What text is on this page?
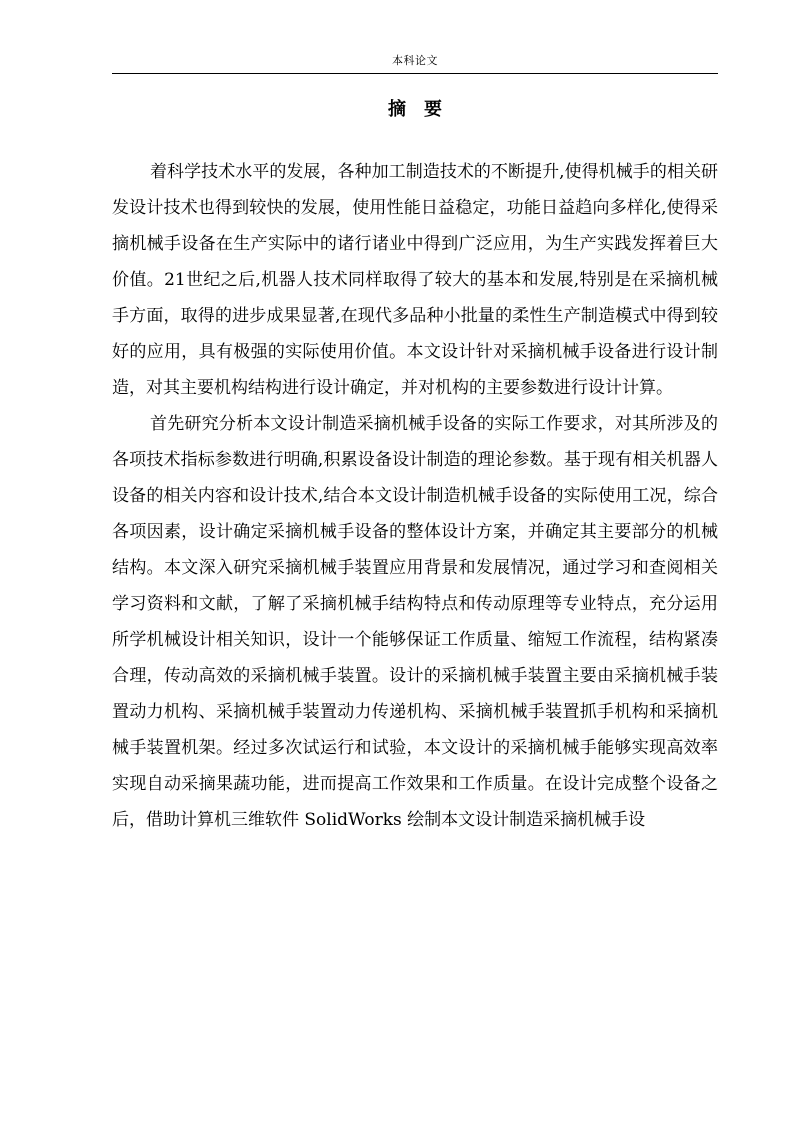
本科论文
摘　要

着科学技术水平的发展，各种加工制造技术的不断提升,使得机械手的相关研发设计技术也得到较快的发展，使用性能日益稳定，功能日益趋向多样化,使得采摘机械手设备在生产实际中的诸行诸业中得到广泛应用，为生产实践发挥着巨大价值。21世纪之后,机器人技术同样取得了较大的基本和发展,特别是在采摘机械手方面，取得的进步成果显著,在现代多品种小批量的柔性生产制造模式中得到较好的应用，具有极强的实际使用价值。本文设计针对采摘机械手设备进行设计制造，对其主要机构结构进行设计确定，并对机构的主要参数进行设计计算。

首先研究分析本文设计制造采摘机械手设备的实际工作要求，对其所涉及的各项技术指标参数进行明确,积累设备设计制造的理论参数。基于现有相关机器人设备的相关内容和设计技术,结合本文设计制造机械手设备的实际使用工况，综合各项因素，设计确定采摘机械手设备的整体设计方案，并确定其主要部分的机械结构。本文深入研究采摘机械手装置应用背景和发展情况，通过学习和查阅相关学习资料和文献，了解了采摘机械手结构特点和传动原理等专业特点，充分运用所学机械设计相关知识，设计一个能够保证工作质量、缩短工作流程，结构紧凑合理，传动高效的采摘机械手装置。设计的采摘机械手装置主要由采摘机械手装置动力机构、采摘机械手装置动力传递机构、采摘机械手装置抓手机构和采摘机械手装置机架。经过多次试运行和试验，本文设计的采摘机械手能够实现高效率实现自动采摘果蔬功能，进而提高工作效果和工作质量。在设计完成整个设备之后，借助计算机三维软件 SolidWorks 绘制本文设计制造采摘机械手设
